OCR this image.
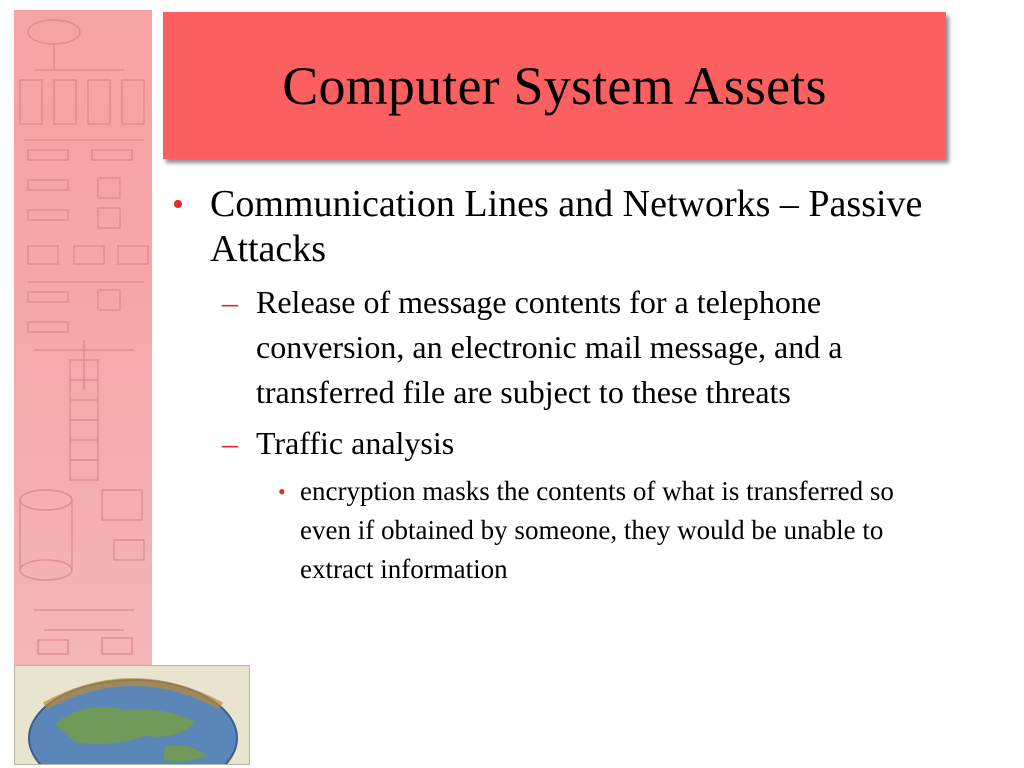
Computer System Assets
• Communication Lines and Networks – Passive Attacks
– Release of message contents for a telephone conversion, an electronic mail message, and a transferred file are subject to these threats
– Traffic analysis
• encryption masks the contents of what is transferred so even if obtained by someone, they would be unable to extract information
